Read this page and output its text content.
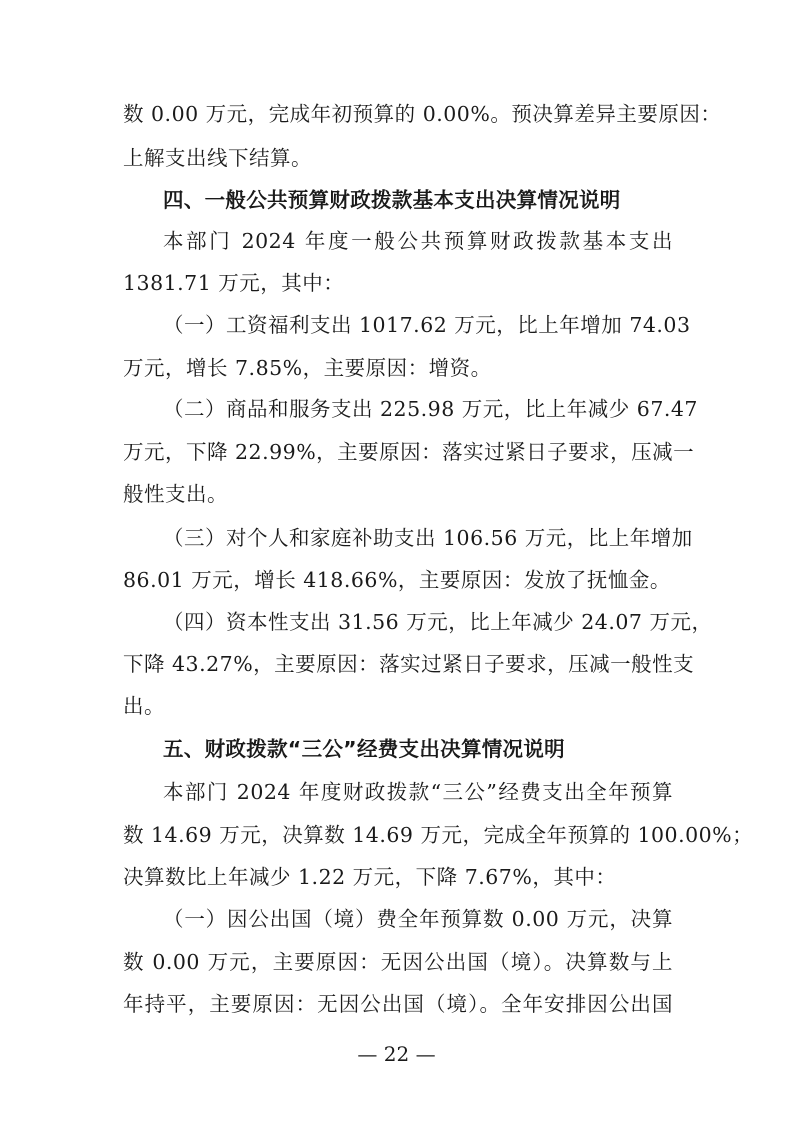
数 0.00 万元，完成年初预算的 0.00%。预决算差异主要原因：
上解支出线下结算。
四、一般公共预算财政拨款基本支出决算情况说明
本部门 2024 年度一般公共预算财政拨款基本支出
1381.71 万元，其中：
（一）工资福利支出 1017.62 万元，比上年增加 74.03
万元，增长 7.85%，主要原因：增资。
（二）商品和服务支出 225.98 万元，比上年减少 67.47
万元，下降 22.99%，主要原因：落实过紧日子要求，压减一
般性支出。
（三）对个人和家庭补助支出 106.56 万元，比上年增加
86.01 万元，增长 418.66%，主要原因：发放了抚恤金。
（四）资本性支出 31.56 万元，比上年减少 24.07 万元，
下降 43.27%，主要原因：落实过紧日子要求，压减一般性支
出。
五、财政拨款“三公”经费支出决算情况说明
本部门 2024 年度财政拨款“三公”经费支出全年预算
数 14.69 万元，决算数 14.69 万元，完成全年预算的 100.00%；
决算数比上年减少 1.22 万元，下降 7.67%，其中：
（一）因公出国（境）费全年预算数 0.00 万元，决算
数 0.00 万元，主要原因：无因公出国（境）。决算数与上
年持平，主要原因：无因公出国（境）。全年安排因公出国
— 22 —
